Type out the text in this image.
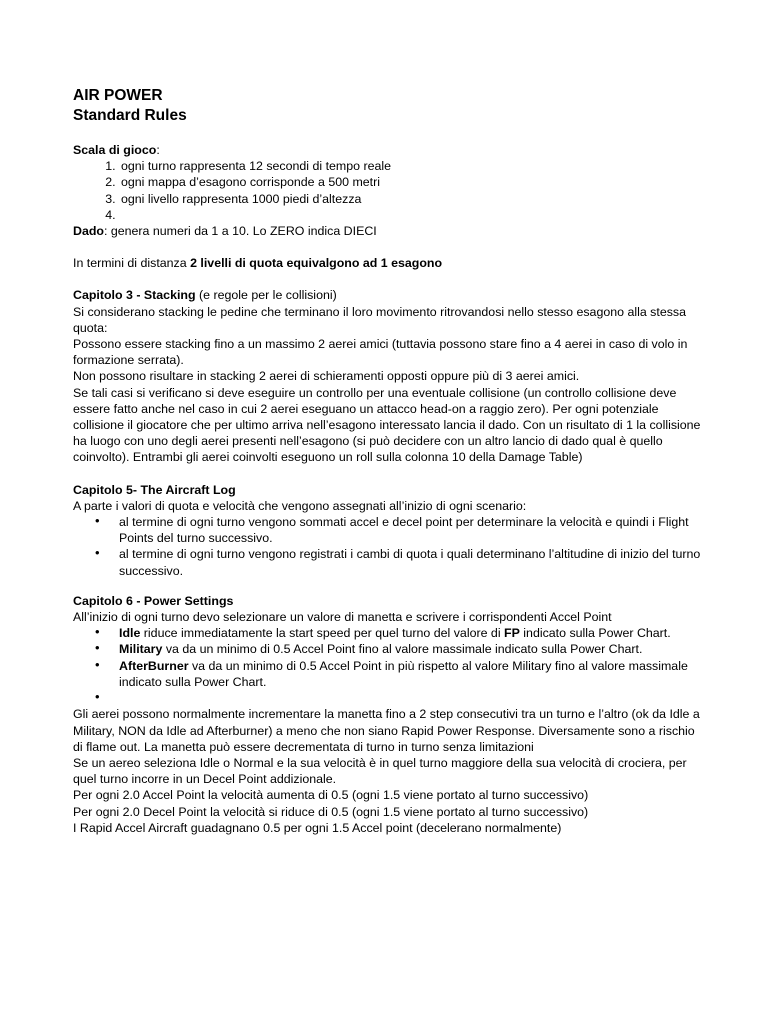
AIR POWER
Standard Rules

Scala di gioco:

1. ogni turno rappresenta 12 secondi di tempo reale
2. ogni mappa d’esagono corrisponde a 500 metri
3. ogni livello rappresenta 1000 piedi d’altezza
4.

Dado: genera numeri da 1 a 10. Lo ZERO indica DIECI

In termini di distanza 2 livelli di quota equivalgono ad 1 esagono

Capitolo 3 - Stacking (e regole per le collisioni)

Si considerano stacking le pedine che terminano il loro movimento ritrovandosi nello stesso esagono alla stessa quota:

Possono essere stacking fino a un massimo 2 aerei amici (tuttavia possono stare fino a 4 aerei in caso di volo in formazione serrata).

Non possono risultare in stacking 2 aerei di schieramenti opposti oppure più di 3 aerei amici.

Se tali casi si verificano si deve eseguire un controllo per una eventuale collisione (un controllo collisione deve essere fatto anche nel caso in cui 2 aerei eseguano un attacco head-on a raggio zero). Per ogni potenziale collisione il giocatore che per ultimo arriva nell’esagono interessato lancia il dado. Con un risultato di 1 la collisione ha luogo con uno degli aerei presenti nell’esagono (si può decidere con un altro lancio di dado qual è quello coinvolto). Entrambi gli aerei coinvolti eseguono un roll sulla colonna 10 della Damage Table)

Capitolo 5- The Aircraft Log

A parte i valori di quota e velocità che vengono assegnati all’inizio di ogni scenario:

• al termine di ogni turno vengono sommati accel e decel point per determinare la velocità e quindi i Flight Points del turno successivo.
• al termine di ogni turno vengono registrati i cambi di quota i quali determinano l’altitudine di inizio del turno successivo.

Capitolo 6 - Power Settings

All’inizio di ogni turno devo selezionare un valore di manetta e scrivere i corrispondenti Accel Point

• Idle riduce immediatamente la start speed per quel turno del valore di FP indicato sulla Power Chart.
• Military va da un minimo di 0.5 Accel Point fino al valore massimale indicato sulla Power Chart.
• AfterBurner va da un minimo di 0.5 Accel Point in più rispetto al valore Military fino al valore massimale indicato sulla Power Chart.
•

Gli aerei possono normalmente incrementare la manetta fino a 2 step consecutivi tra un turno e l’altro (ok da Idle a Military, NON da Idle ad Afterburner) a meno che non siano Rapid Power Response. Diversamente sono a rischio di flame out. La manetta può essere decrementata di turno in turno senza limitazioni

Se un aereo seleziona Idle o Normal e la sua velocità è in quel turno maggiore della sua velocità di crociera, per quel turno incorre in un Decel Point addizionale.

Per ogni 2.0 Accel Point la velocità aumenta di 0.5 (ogni 1.5 viene portato al turno successivo)

Per ogni 2.0 Decel Point la velocità si riduce di 0.5 (ogni 1.5 viene portato al turno successivo)

I Rapid Accel Aircraft guadagnano 0.5 per ogni 1.5 Accel point (decelerano normalmente)
